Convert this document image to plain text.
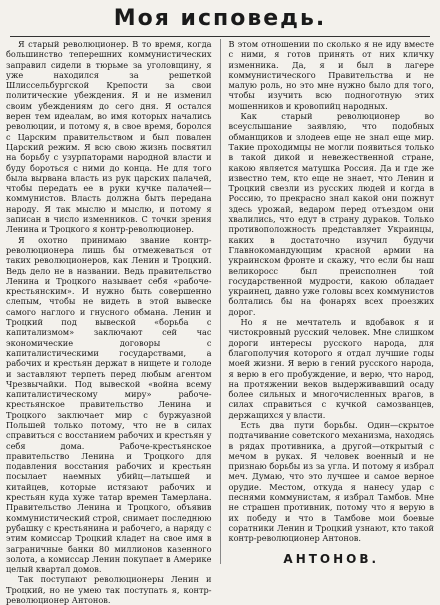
Моя исповедь.

Я старый революционер. В то время, когда большинство теперешних коммунистических заправил сидели в тюрьме за уголовщину, я уже находился за решеткой Шлиссельбургской Крепости за свои политические убеждения. Я и не изменил своим убеждениям до сего дня. Я остался верен тем идеалам, во имя которых начались революции, и потому я, в свое время, боролся с Царским правительством и был повален Царский режим. Я всю свою жизнь посвятил на борьбу с узурпаторами народной власти и буду бороться с ними до конца. Не для того была вырвана власть из рук царских палачей, чтобы передать ее в руки кучке палачей—коммунистов. Власть должна быть передана народу. Я так мыслю и мыслю, и потому я записан в число изменников. С точки зрения Ленина и Троцкого я контр-революционер.

Я охотно принимаю звание контр-революционера лишь бы отмежеваться от таких революционеров, как Ленин и Троцкий. Ведь дело не в названии. Ведь правительство Ленина и Троцкого называет себя «рабоче-крестьянским». И нужно быть совершенно слепым, чтобы не видеть в этой вывеске самого наглого и гнусного обмана. Ленин и Троцкий под вывеской «борьба с капитализмом» заключают сей час экономические договоры с капиталистическими государствами, а рабочих и крестьян держат в нищете и голоде и заставляют терпеть перед любым агентом Чрезвычайки. Под вывеской «война всему капиталистическому миру» рабоче-крестьянское правительство Ленина и Троцкого заключает мир с буржуазной Польшей только потому, что не в силах справиться с восстанием рабочих и крестьян у себя дома. Рабоче-крестьянское правительство Ленина и Троцкого для подавления восстания рабочих и крестьян посылает наемных убийц—латышей и китайцев, которые истязают рабочих и крестьян куда хуже татар времен Тамерлана. Правительство Ленина и Троцкого, объявив коммунистический строй, снимает последнюю рубашку с крестьянина и рабочего, а наряду с этим комиссар Троцкий кладет на свое имя в заграничные банки 80 миллионов казенного золота, а комиссар Ленин покупает в Америке целый квартал домов.

Так поступают революционеры Ленин и Троцкий, но не умею так поступать я, контр-революционер Антонов.

В этом отношении по сколько я не иду вместе с ними, я готов принять от них кличку изменника. Да, я и был в лагере коммунистического Правительства и не малую роль, но это мне нужно было для того, чтобы изучить всю подноготную этих мошенников и кровопийц народных.

Как старый революционер во всеуслышание заявляю, что подобных обманщиков и злодеев еще не знал еще мир. Такие проходимцы не могли появиться только в такой дикой и невежественной стране, какою является матушка Россия. Да и где же известно тем, кто еще не знает, что Ленин и Троцкий свезли из русских людей и когда в Россию, то прекрасно знал какой они пожнут здесь урожай, ведаром перед отъездом они хвалились, что едут в страну дураков. Только противоположность представляет Украинцы, каких в достаточно изучил будучи Главнокомандующим красной армии на украинском фронте и скажу, что если бы наш великоросс был преисполнен той государственной мудрости, какою обладает украинец, давно уже головы всех коммунистов болтались бы на фонарях всех проезжих дорог.

Но я не мечтатель и вдобавок я и чистокровный русский человек. Мне слишком дороги интересы русского народа, для благополучия которого я отдал лучшие годы моей жизни. Я верю в гений русского народа, я верю в его пробуждение, и верю, что народ, на протяжении веков выдерживавший осаду более сильных и многочисленных врагов, в силах справиться с кучкой самозванцев, держащихся у власти.

Есть два пути борьбы. Один—скрытое подтачивание советского механизма, находясь в рядах противника, а другой—открытый с мечом в руках. Я человек военный и не признаю борьбы из за угла. И потому я избрал меч. Думаю, что это лучшее и самое верное орудие. Местом, откуда я нанесу удар с песнями коммунистам, я избрал Тамбов. Мне не страшен противник, потому что я верую в их победу и что в Тамбове мои боевые соратники Ленин и Троцкий узнают, кто такой контр-революционер Антонов.

АНТОНОВ.
